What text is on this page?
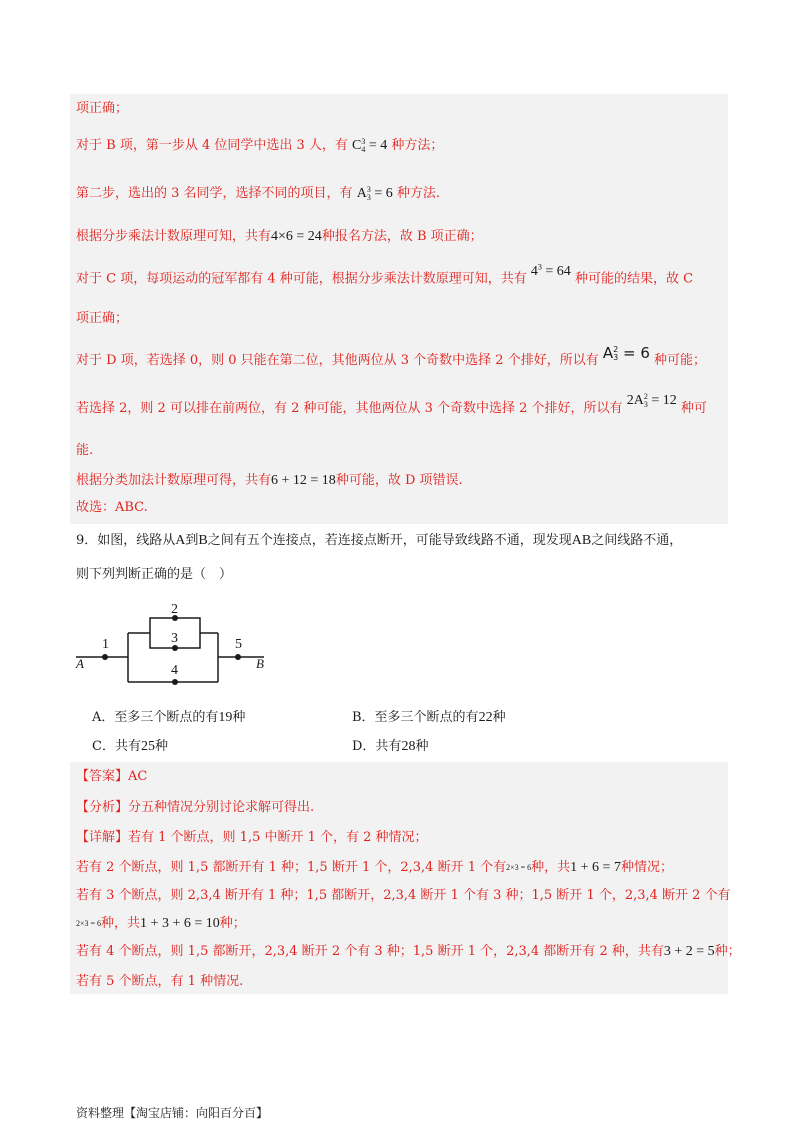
项正确；
对于 B 项，第一步从 4 位同学中选出 3 人，有 C 3
4 = 4 种方法；
第二步，选出的 3 名同学，选择不同的项目，有 A 3
3 = 6 种方法.
根据分步乘法计数原理可知，共有4×6 = 24种报名方法，故 B 项正确；
对于 C 项，每项运动的冠军都有 4 种可能，根据分步乘法计数原理可知，共有 $4^3 = 64$ 种可能的结果，故 C
项正确；
对于 D 项，若选择 0，则 0 只能在第二位，其他两位从 3 个奇数中选择 2 个排好，所以有 A 2
3 = 6 种可能；
若选择 2，则 2 可以排在前两位，有 2 种可能，其他两位从 3 个奇数中选择 2 个排好，所以有 2A 2
3 = 12 种可
能.
根据分类加法计数原理可得，共有6 + 12 = 18种可能，故 D 项错误.
故选：ABC.
9．如图，线路从A到B之间有五个连接点，若连接点断开，可能导致线路不通，现发现AB之间线路不通，
则下列判断正确的是（　）
1
2
3
4
5
A	B
A．至多三个断点的有19种	B．至多三个断点的有22种
C．共有25种	D．共有28种
【答案】AC
【分析】分五种情况分别讨论求解可得出.
【详解】若有 1 个断点，则 1,5 中断开 1 个，有 2 种情况；
若有 2 个断点，则 1,5 都断开有 1 种；1,5 断开 1 个，2,3,4 断开 1 个有2×3 = 6种，共1 + 6 = 7种情况；
若有 3 个断点，则 2,3,4 断开有 1 种；1,5 都断开，2,3,4 断开 1 个有 3 种；1,5 断开 1 个，2,3,4 断开 2 个有
2×3 = 6种，共1 + 3 + 6 = 10种；
若有 4 个断点，则 1,5 都断开，2,3,4 断开 2 个有 3 种；1,5 断开 1 个，2,3,4 都断开有 2 种，共有3 + 2 = 5种；
若有 5 个断点，有 1 种情况.
资料整理【淘宝店铺：向阳百分百】
